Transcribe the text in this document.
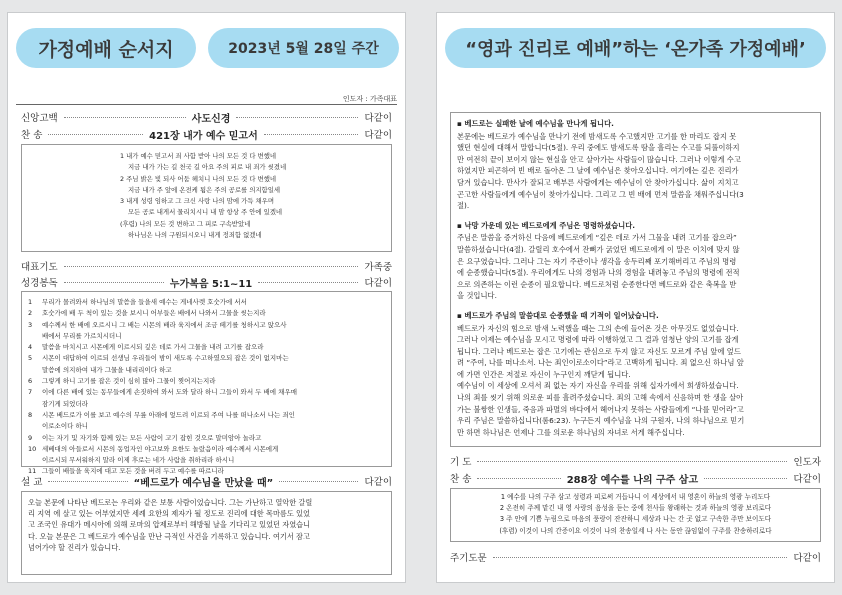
가정예배 순서지	2023년 5월 28일 주간
인도자 : 가족대표
신앙고백	사도신경	다같이
찬 송	421장 내가 예수 믿고서	다같이
1 내가 예수 믿고서 죄 사함 받아 나의 모든 것 다 변했네
지금 내가 가는 길 천국 길 아요 주의 피로 내 죄가 씻겼네
2 주님 밝은 빛 되사 어둠 헤치니 나의 모든 것 다 변했네
지금 내가 주 앞에 온전케 됨은 주의 공로를 의지함일세
3 내게 성령 임하고 그 크신 사랑 나의 맘에 가득 채우며
모든 공로 내게서 물리치시니 내 맘 항상 주 안에 있겠네
(후렴) 나의 모든 것 변하고 그 피로 구속받았네
하나님은 나의 구원되시오니 내게 정죄함 없겠네
대표기도	가족중
성경봉독	누가복음 5:1~11	다같이
1	무리가 몰려와서 하나님의 말씀을 들을새 예수는 게네사렛 호숫가에 서서
2	호숫가에 배 두 척이 있는 것을 보시니 어부들은 배에서 나와서 그물을 씻는지라
3	예수께서 한 배에 오르시니 그 배는 시몬의 배라 육지에서 조금 떼기를 청하시고 앉으사
배에서 무리를 가르치시더니
4	말씀을 마치시고 시몬에게 이르시되 깊은 데로 가서 그물을 내려 고기를 잡으라
5	시몬이 대답하여 이르되 선생님 우리들이 밤이 새도록 수고하였으되 잡은 것이 없지마는
말씀에 의지하여 내가 그물을 내리리이다 하고
6	그렇게 하니 고기를 잡은 것이 심히 많아 그물이 찢어지는지라
7	이에 다른 배에 있는 동무들에게 손짓하여 와서 도와 달라 하니 그들이 와서 두 배에 채우매
잠기게 되었더라
8	시몬 베드로가 이를 보고 예수의 무릎 아래에 엎드려 이르되 주여 나를 떠나소서 나는 죄인
이로소이다 하니
9	이는 자기 및 자기와 함께 있는 모든 사람이 고기 잡힌 것으로 말미암아 놀라고
10 세베대의 아들로서 시몬의 동업자인 야고보와 요한도 놀랐음이라 예수께서 시몬에게
이르시되 무서워하지 말라 이제 후로는 네가 사람을 취하리라 하시니
11 그들이 배들을 육지에 대고 모든 것을 버려 두고 예수를 따르니라
설 교	“베드로가 예수님을 만났을 때”	다같이
오늘 본문에 나타난 베드로는 우리와 같은 보통 사람이었습니다. 그는 가난하고 열악한 갈릴
리 지역 에 살고 있는 어부였지만 세례 요한의 제자가 될 정도로 진리에 대한 목마름도 있었
고 조국인 유대가 메시아에 의해 로마의 압제로부터 해방될 날을 기다리고 있었던 자였습니
다. 오늘 본문은 그 베드로가 예수님을 만난 극적인 사건을 기록하고 있습니다. 여기서 잠고
넘어가야 할 진리가 있습니다.
“영과 진리로 예배”하는 ‘온가족 가정예배’
▪ 베드로는 실패한 날에 예수님을 만나게 됩니다.
본문에는 베드로가 예수님을 만나기 전에 밤새도록 수고했지만 고기를 한 마리도 잡지 못
했던 현실에 대해서 말합니다(5절). 우리 중에도 밤새도록 땀을 흘리는 수고를 되풀이하지
만 여전히 끝이 보이지 않는 현실을 안고 살아가는 사람들이 많습니다. 그러나 이렇게 수고
하였지만 피곤하여 빈 배로 돌아온 그 날에 예수님은 찾아오십니다. 여기에는 깊은 진리가
담겨 있습니다. 만사가 잘되고 배부른 사람에게는 예수님이 안 찾아가십니다. 삶이 지치고
곤고한 사람들에게 예수님이 찾아가십니다. 그리고 그 빈 배에 먼저 말씀을 채워주십니다(3
절).
▪ 낙망 가운데 있는 베드로에게 주님은 명령하셨습니다.
주님은 말씀을 증거하신 다음에 베드로에게 “깊은 데로 가서 그물을 내려 고기를 잡으라”
말씀하셨습니다(4절). 갈릴리 호수에서 잔뼈가 굵었던 베드로에게 이 말은 이치에 맞지 않
은 요구였습니다. 그러나 그는 자기 주관이나 생각을 송두리째 포기해버리고 주님의 명령
에 순종했습니다(5절). 우리에게도 나의 경험과 나의 경험을 내려놓고 주님의 명령에 전적
으로 의존하는 이런 순종이 필요합니다. 베드로처럼 순종한다면 베드로와 같은 축복을 받
을 것입니다.
▪ 베드로가 주님의 말씀대로 순종했을 때 기적이 일어났습니다.
베드로가 자신의 힘으로 밤새 노력했을 때는 그의 손에 들어온 것은 아무것도 없었습니다.
그러나 이제는 예수님을 모시고 명령에 따라 이행하였고 그 결과 엄청난 양의 고기를 잡게
됩니다. 그러나 베드로는 잡은 고기에는 관심으로 두지 않고 자신도 모르게 주님 앞에 엎드
려 “주여, 나를 떠나소서. 나는 죄인이로소이다”라고 고백하게 됩니다. 죄 없으신 하나님 앞
에 가면 인간은 저절로 자신이 누구인지 깨닫게 됩니다.
예수님이 이 세상에 오셔서 죄 없는 자기 자신을 우리를 위해 십자가에서 희생하셨습니다.
나의 죄를 씻기 위해 의로운 피를 흘려주셨습니다. 죄의 고해 속에서 신음하며 한 생을 살아
가는 불쌍한 인생들, 죽음과 파멸의 바다에서 헤어나지 못하는 사람들에게 “나를 믿어라”고
우리 주님은 말씀하십니다(롬6:23). 누구든지 예수님을 나의 구원자, 나의 하나님으로 믿기
만 하면 하나님은 언제나 그를 의로운 하나님의 자녀로 서게 해주십니다.
기 도	인도자
찬 송	288장 예수를 나의 구주 삼고	다같이
1 예수를 나의 구주 삼고 성령과 피로써 거듭나니 이 세상에서 내 영혼이 하늘의 영광 누리도다
2 온전히 주께 맡긴 내 영 사랑의 음성을 듣는 중에 천사들 왕래하는 것과 하늘의 영광 보리로다
3 주 안에 기쁨 누림으로 마음의 풍랑이 잔잔하니 세상과 나는 간 곳 없고 구속한 주만 보이도다
(후렴) 이것이 나의 간증이요 이것이 나의 찬송일세 나 사는 동안 끊임없이 구주를 찬송하리로다
주기도문	다같이
